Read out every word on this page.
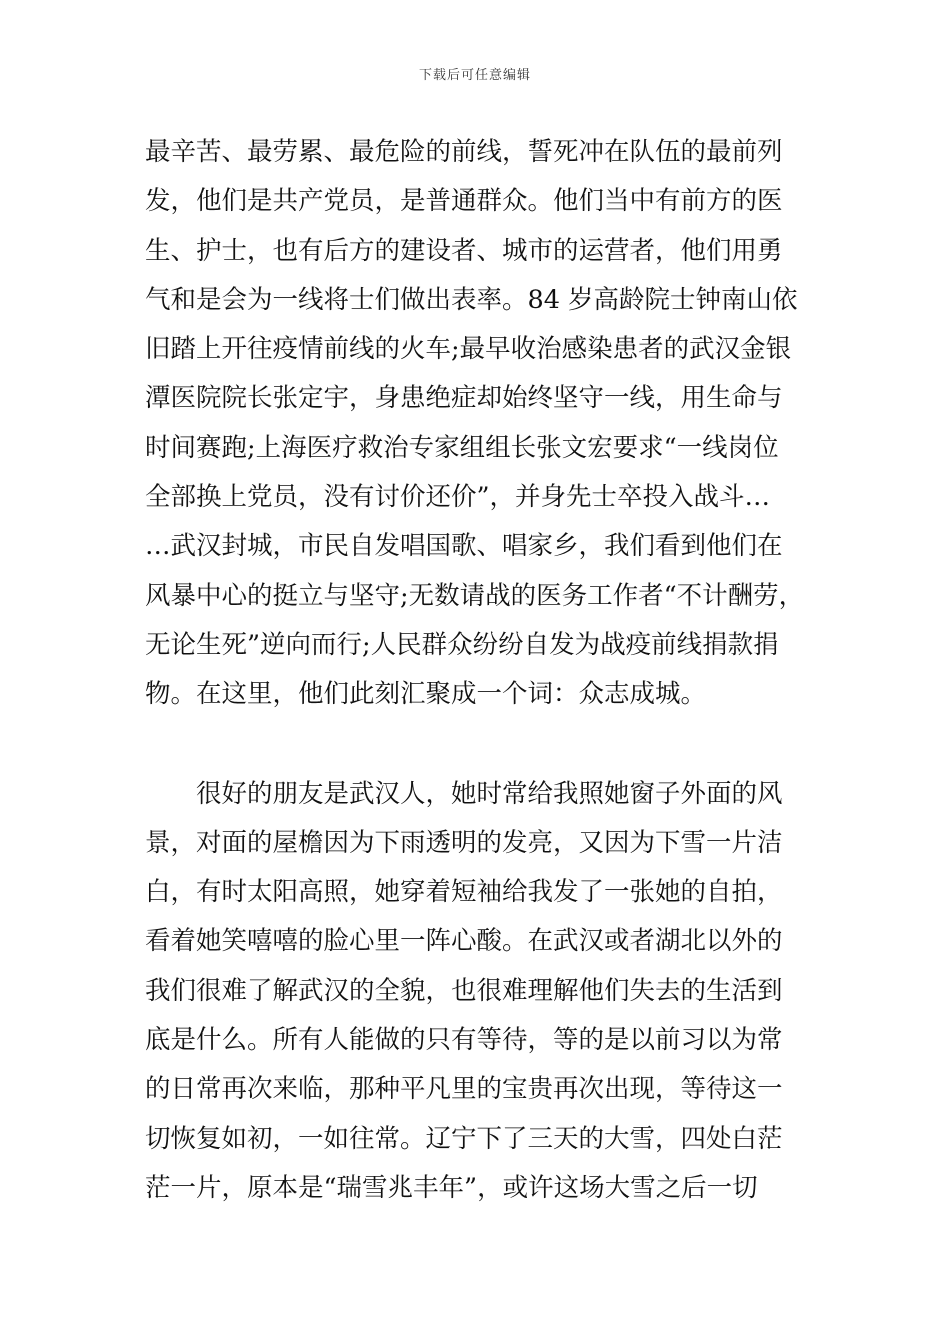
下载后可任意编辑
最辛苦、最劳累、最危险的前线，誓死冲在队伍的最前列
发，他们是共产党员，是普通群众。他们当中有前方的医
生、护士，也有后方的建设者、城市的运营者，他们用勇
气和是会为一线将士们做出表率。84 岁高龄院士钟南山依
旧踏上开往疫情前线的火车;最早收治感染患者的武汉金银
潭医院院长张定宇，身患绝症却始终坚守一线，用生命与
时间赛跑;上海医疗救治专家组组长张文宏要求“一线岗位
全部换上党员，没有讨价还价”，并身先士卒投入战斗…
…武汉封城，市民自发唱国歌、唱家乡，我们看到他们在
风暴中心的挺立与坚守;无数请战的医务工作者“不计酬劳，
无论生死”逆向而行;人民群众纷纷自发为战疫前线捐款捐
物。在这里，他们此刻汇聚成一个词：众志成城。
　　很好的朋友是武汉人，她时常给我照她窗子外面的风
景，对面的屋檐因为下雨透明的发亮，又因为下雪一片洁
白，有时太阳高照，她穿着短袖给我发了一张她的自拍，
看着她笑嘻嘻的脸心里一阵心酸。在武汉或者湖北以外的
我们很难了解武汉的全貌，也很难理解他们失去的生活到
底是什么。所有人能做的只有等待，等的是以前习以为常
的日常再次来临，那种平凡里的宝贵再次出现，等待这一
切恢复如初，一如往常。辽宁下了三天的大雪，四处白茫
茫一片，原本是“瑞雪兆丰年”，或许这场大雪之后一切
